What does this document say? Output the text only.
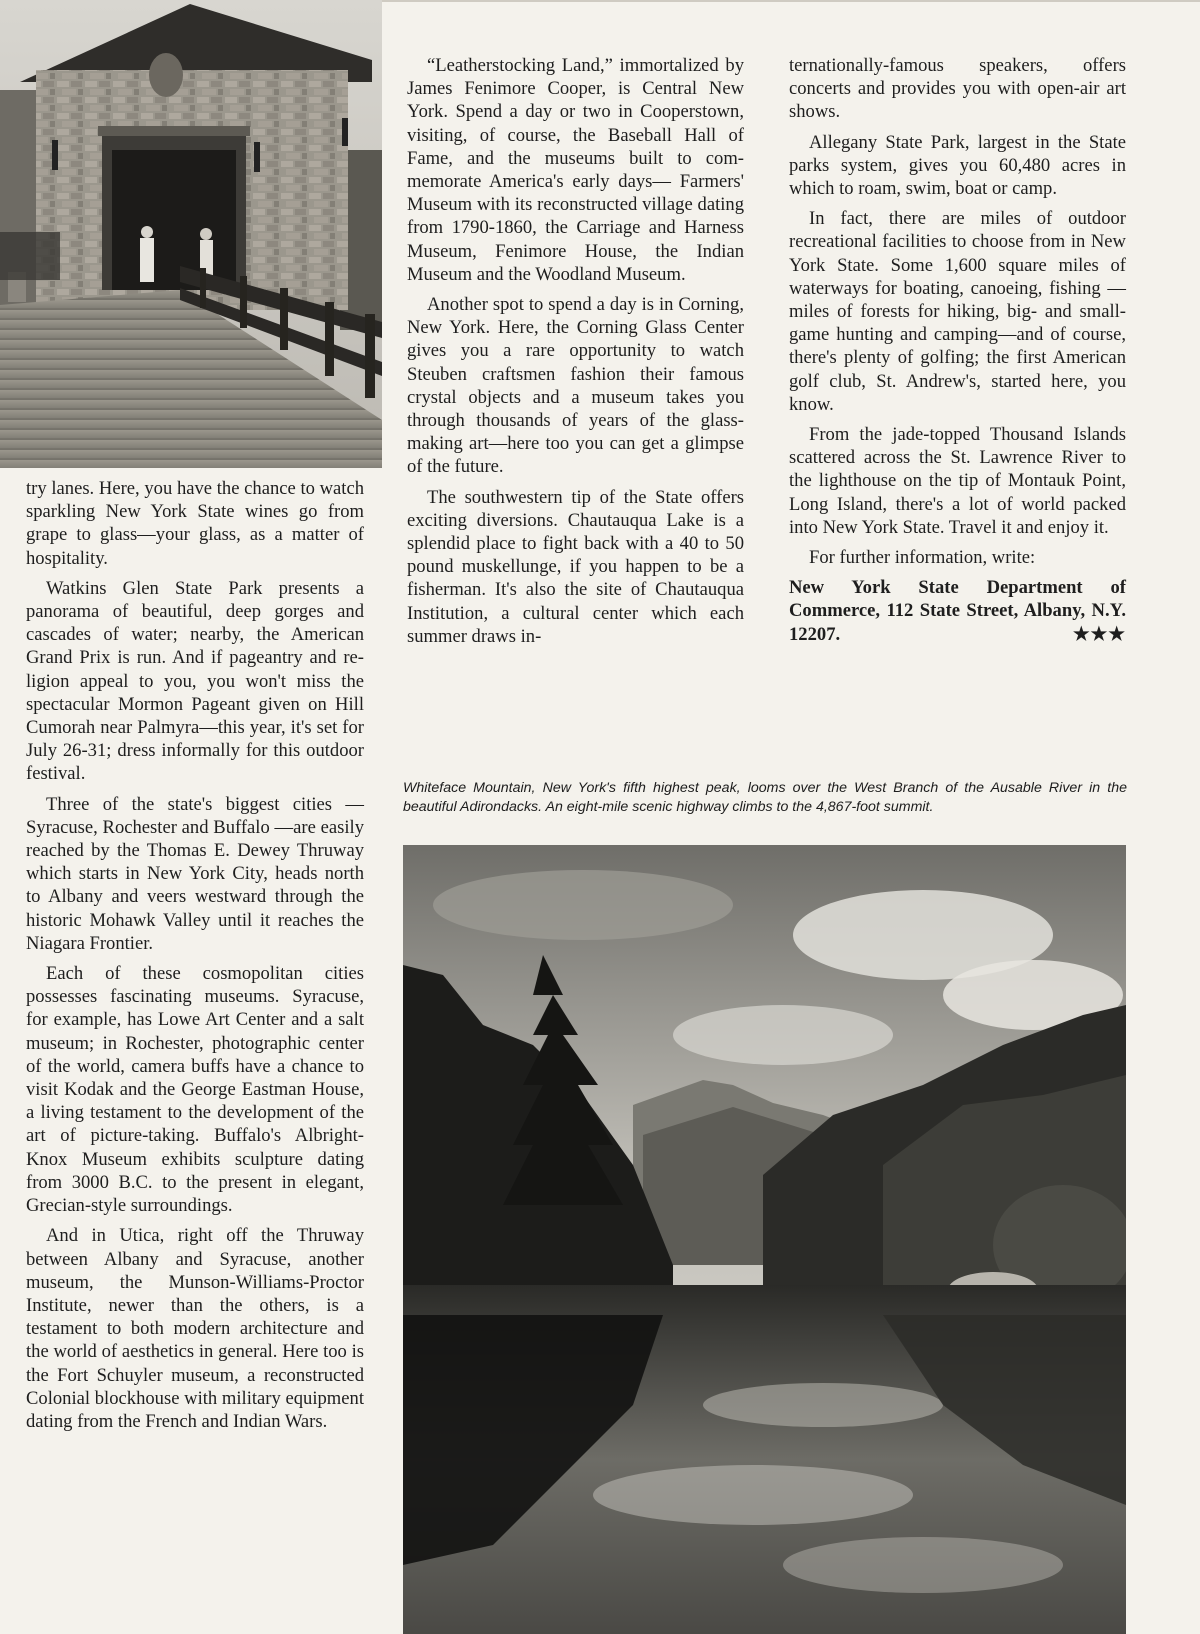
try lanes. Here, you have the chance to watch sparkling New York State wines go from grape to glass—your glass, as a matter of hospitality.

Watkins Glen State Park presents a panorama of beautiful, deep gorges and cascades of water; nearby, the American Grand Prix is run. And if pageantry and religion appeal to you, you won't miss the spectacular Mormon Pageant given on Hill Cumorah near Palmyra—this year, it's set for July 26-31; dress informally for this outdoor festival.

Three of the state's biggest cities —Syracuse, Rochester and Buffalo —are easily reached by the Thomas E. Dewey Thruway which starts in New York City, heads north to Albany and veers westward through the historic Mohawk Valley until it reaches the Niagara Frontier.

Each of these cosmopolitan cities possesses fascinating museums. Syracuse, for example, has Lowe Art Center and a salt museum; in Rochester, photographic center of the world, camera buffs have a chance to visit Kodak and the George Eastman House, a living testament to the development of the art of picture-taking. Buffalo's Albright-Knox Museum exhibits sculpture dating from 3000 B.C. to the present in elegant, Grecian-style surroundings.

And in Utica, right off the Thruway between Albany and Syracuse, another museum, the Munson-Williams-Proctor Institute, newer than the others, is a testament to both modern architecture and the world of aesthetics in general. Here too is the Fort Schuyler museum, a reconstructed Colonial blockhouse with military equipment dating from the French and Indian Wars.

“Leatherstocking Land,” immortalized by James Fenimore Cooper, is Central New York. Spend a day or two in Cooperstown, visiting, of course, the Baseball Hall of Fame, and the museums built to commemorate America's early days— Farmers' Museum with its reconstructed village dating from 1790-1860, the Carriage and Harness Museum, Fenimore House, the Indian Museum and the Woodland Museum.

Another spot to spend a day is in Corning, New York. Here, the Corning Glass Center gives you a rare opportunity to watch Steuben craftsmen fashion their famous crystal objects and a museum takes you through thousands of years of the glass-making art—here too you can get a glimpse of the future.

The southwestern tip of the State offers exciting diversions. Chautauqua Lake is a splendid place to fight back with a 40 to 50 pound muskellunge, if you happen to be a fisherman. It's also the site of Chautauqua Institution, a cultural center which each summer draws in-

ternationally-famous speakers, offers concerts and provides you with open-air art shows.

Allegany State Park, largest in the State parks system, gives you 60,480 acres in which to roam, swim, boat or camp.

In fact, there are miles of outdoor recreational facilities to choose from in New York State. Some 1,600 square miles of waterways for boating, canoeing, fishing —miles of forests for hiking, big- and small-game hunting and camping—and of course, there's plenty of golfing; the first American golf club, St. Andrew's, started here, you know.

From the jade-topped Thousand Islands scattered across the St. Lawrence River to the lighthouse on the tip of Montauk Point, Long Island, there's a lot of world packed into New York State. Travel it and enjoy it.

For further information, write:

New York State Department of Commerce, 112 State Street, Albany, N.Y. 12207.	★★★

Whiteface Mountain, New York's fifth highest peak, looms over the West Branch of the Ausable River in the beautiful Adirondacks. An eight-mile scenic highway climbs to the 4,867-foot summit.
